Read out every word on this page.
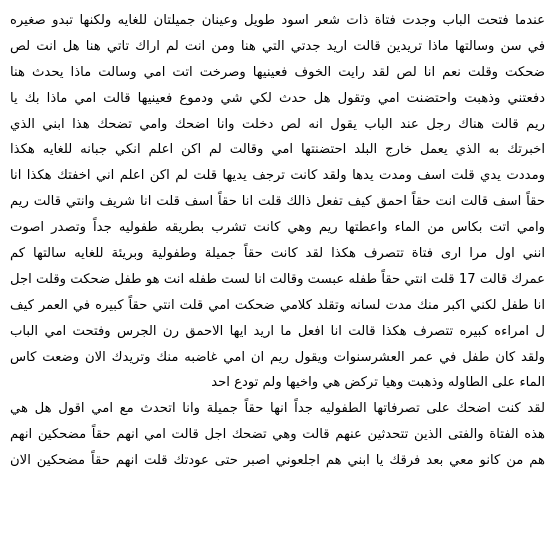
عندما فتحت الباب وجدت فتاة ذات شعر اسود طويل وعينان جميلتان للغايه ولكنها تبدو صغيره
في سن وسالتها ماذا تريدين قالت اريد جدتي التي هنا ومن انت لم اراك تاتي هنا هل انت لص
ضحكت وقلت نعم انا لص لقد رايت الخوف فعينيها وصرخت اتت امي وسالت ماذا يحدث هنا
دفعتني وذهبت واحتضنت امي وتقول هل حدث لكي شي ودموع فعينيها قالت امي ماذا بك يا
ريم قالت هناك رجل عند الباب يقول انه لص دخلت وانا اضحك وامي تضحك هذا ابني الذي
اخبرتك به الذي يعمل خارج البلد احتضنتها امي وقالت لم اكن اعلم انكي جبانه للغايه هكذا
ومددت يدي قلت اسف ومدت يدها ولقد كانت ترجف يديها قلت لم اكن اعلم اني اخفتك هكذا انا
حقاً اسف قالت انت حقاً احمق كيف تفعل ذالك قلت انا حقاً اسف قلت انا شريف وانتي قالت ريم
وامي اتت بكاس من الماء واعطتها ريم وهي كانت تشرب بطريقه طفوليه جداً وتصدر اصوت
انني اول مرا ارى فتاة تتصرف هكذا لقد كانت حقاً جميلة وطفولية وبريئة للغايه سالتها كم
عمرك قالت 17 قلت انتي حقاً طفله عبست وقالت انا لست طفله انت هو طفل ضحكت وقلت اجل
انا طفل لكني اكبر منك مدت لسانه وتقلد كلامي ضحكت امي قلت انتي حقاً كبيره في العمر كيف
ل امراءه كبيره تتصرف هكذا قالت انا افعل ما اريد ايها الاحمق رن الجرس وفتحت امي الباب
ولقد كان طفل في عمر العشرسنوات ويقول ريم ان امي غاضبه منك وتريدك الان وضعت كاس
الماء على الطاوله وذهبت وهيا تركض هي واخيها ولم تودع احد
لقد كنت اضحك على تصرفاتها الطفوليه جداً انها حقاً جميلة وانا اتحدث مع امي اقول هل هي
هذه الفتاة والفتى الذين تتحدثين عنهم قالت وهي تضحك اجل قالت امي انهم حقاً مضحكين انهم
هم من كانو معي بعد فرقك يا ابني هم اجلعوني اصبر حتى عودتك قلت انهم حقاً مضحكين الان
